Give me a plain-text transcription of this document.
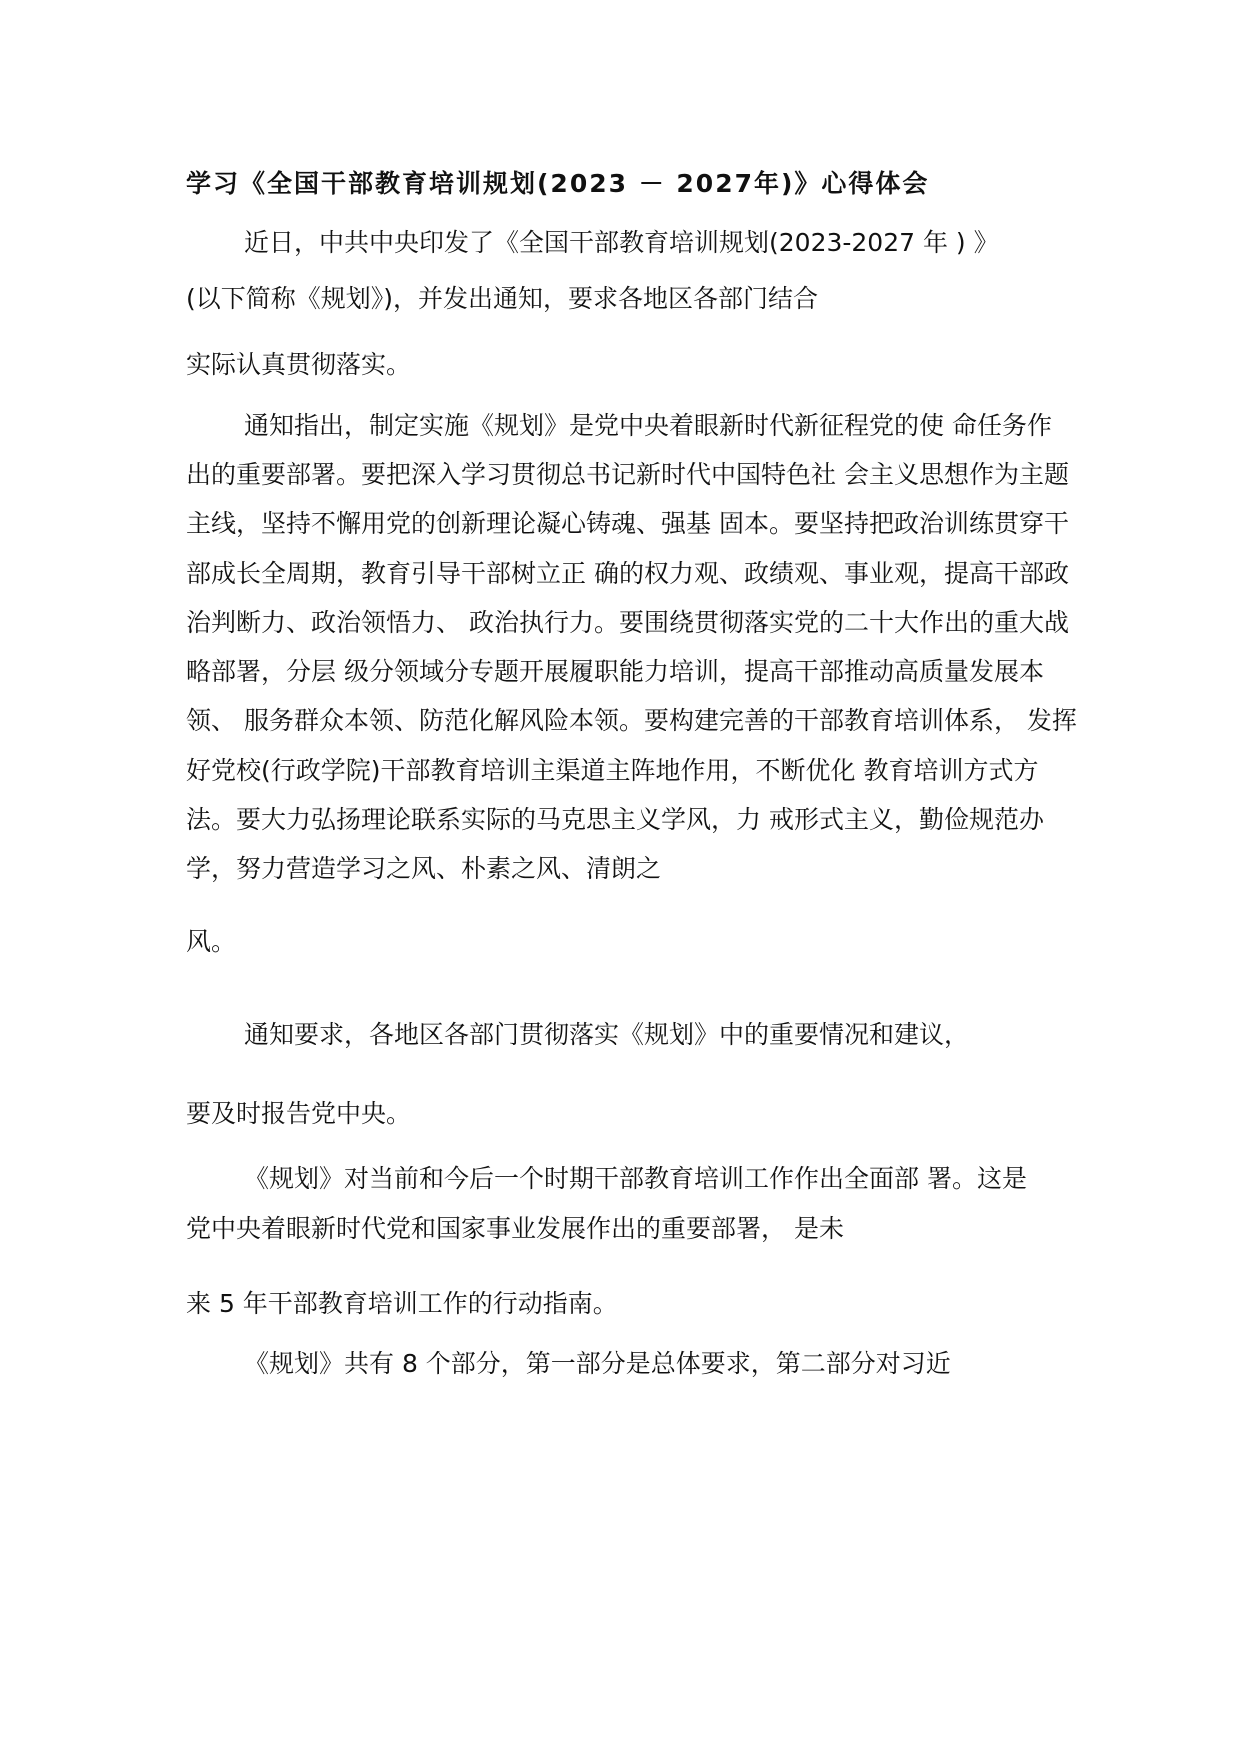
学习《全国干部教育培训规划(2023 － 2027年)》心得体会
近日，中共中央印发了《全国干部教育培训规划(2023-2027 年 ) 》
(以下简称《规划》)，并发出通知，要求各地区各部门结合
实际认真贯彻落实。
通知指出，制定实施《规划》是党中央着眼新时代新征程党的使 命任务作
出的重要部署。要把深入学习贯彻总书记新时代中国特色社 会主义思想作为主题
主线，坚持不懈用党的创新理论凝心铸魂、强基 固本。要坚持把政治训练贯穿干
部成长全周期，教育引导干部树立正 确的权力观、政绩观、事业观，提高干部政
治判断力、政治领悟力、 政治执行力。要围绕贯彻落实党的二十大作出的重大战
略部署，分层 级分领域分专题开展履职能力培训，提高干部推动高质量发展本
领、 服务群众本领、防范化解风险本领。要构建完善的干部教育培训体系， 发挥
好党校(行政学院)干部教育培训主渠道主阵地作用，不断优化 教育培训方式方
法。要大力弘扬理论联系实际的马克思主义学风，力 戒形式主义，勤俭规范办
学，努力营造学习之风、朴素之风、清朗之
风。
通知要求，各地区各部门贯彻落实《规划》中的重要情况和建议，
要及时报告党中央。
《规划》对当前和今后一个时期干部教育培训工作作出全面部 署。这是
党中央着眼新时代党和国家事业发展作出的重要部署， 是未
来 5 年干部教育培训工作的行动指南。
《规划》共有 8 个部分，第一部分是总体要求，第二部分对习近
